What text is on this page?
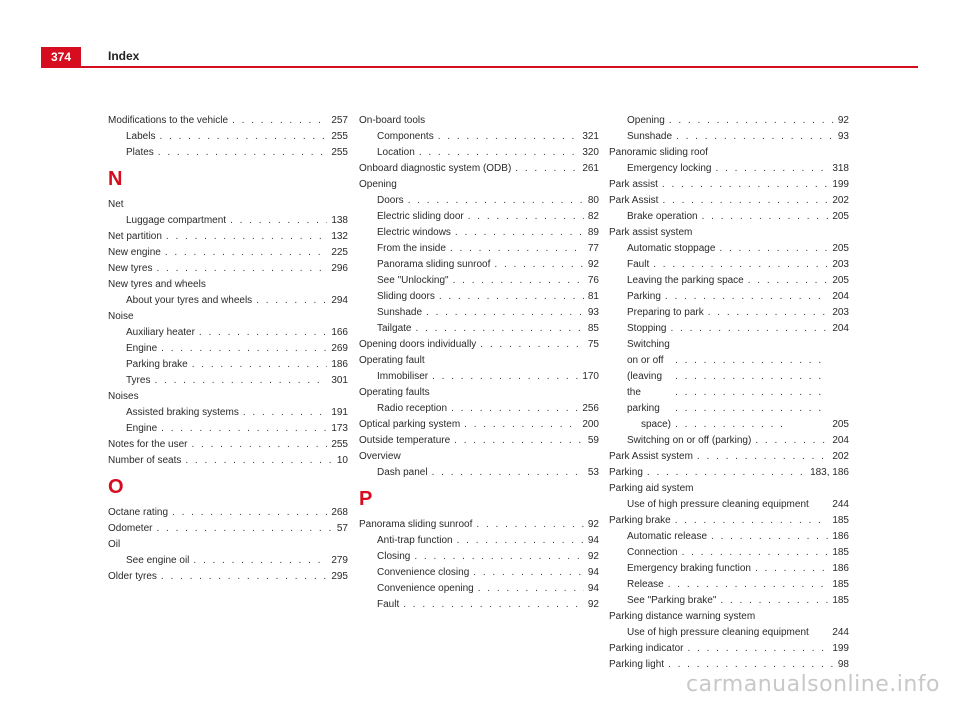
374	Index
Modifications to the vehicle . . .	257
Labels . . .	255
Plates . . .	255
N
Net
Luggage compartment . . .	138
Net partition . . .	132
New engine . . .	225
New tyres . . .	296
New tyres and wheels
About your tyres and wheels . . .	294
Noise
Auxiliary heater . . .	166
Engine . . .	269
Parking brake . . .	186
Tyres . . .	301
Noises
Assisted braking systems . . .	191
Engine . . .	173
Notes for the user . . .	255
Number of seats . . .	10
O
Octane rating . . .	268
Odometer . . .	57
Oil
See engine oil . . .	279
Older tyres . . .	295
On-board tools
Components . . .	321
Location . . .	320
Onboard diagnostic system (ODB) . . .	261
Opening
Doors . . .	80
Electric sliding door . . .	82
Electric windows . . .	89
From the inside . . .	77
Panorama sliding sunroof . . .	92
See "Unlocking" . . .	76
Sliding doors . . .	81
Sunshade . . .	93
Tailgate . . .	85
Opening doors individually . . .	75
Operating fault
Immobiliser . . .	170
Operating faults
Radio reception . . .	256
Optical parking system . . .	200
Outside temperature . . .	59
Overview
Dash panel . . .	53
P
Panorama sliding sunroof . . .	92
Anti-trap function . . .	94
Closing . . .	92
Convenience closing . . .	94
Convenience opening . . .	94
Fault . . .	92
Opening . . .	92
Sunshade . . .	93
Panoramic sliding roof
Emergency locking . . .	318
Park assist . . .	199
Park Assist . . .	202
Brake operation . . .	205
Park assist system
Automatic stoppage . . .	205
Fault . . .	203
Leaving the parking space . . .	205
Parking . . .	204
Preparing to park . . .	203
Stopping . . .	204
Switching on or off (leaving the parking
space) . . .	205
Switching on or off (parking) . . .	204
Park Assist system . . .	202
Parking . . .	183, 186
Parking aid system
Use of high pressure cleaning equipment 244
Parking brake . . .	185
Automatic release . . .	186
Connection . . .	185
Emergency braking function . . .	186
Release . . .	185
See "Parking brake" . . .	185
Parking distance warning system
Use of high pressure cleaning equipment 244
Parking indicator . . .	199
Parking light . . .	98
carmanualsonline.info
